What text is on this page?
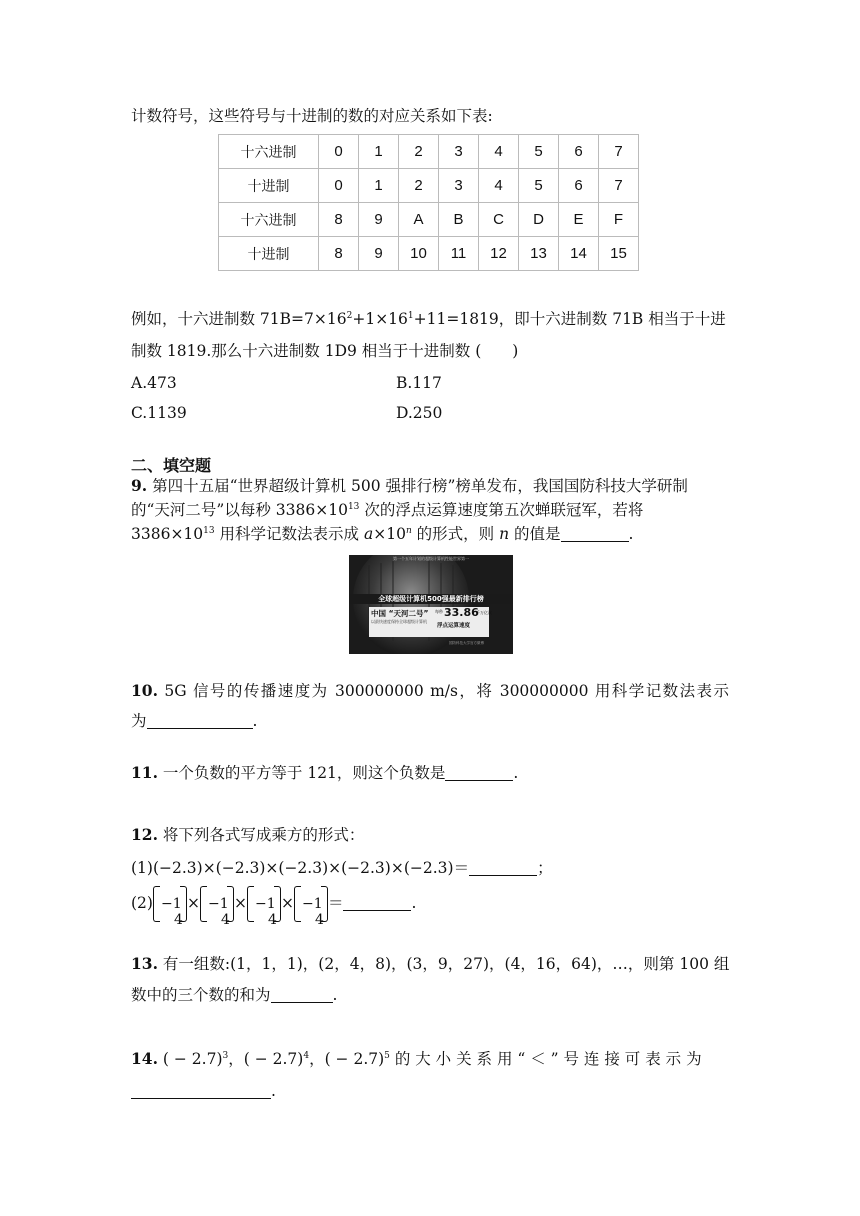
计数符号，这些符号与十进制的数的对应关系如下表:
十六进制	0	1	2	3	4	5	6	7
十进制	0	1	2	3	4	5	6	7
十六进制	8	9	A	B	C	D	E	F
十进制	8	9	10	11	12	13	14	15
例如，十六进制数 $71B=7\times 16^2+1\times 16^1+11=1819$，即十六进制数 71B 相当于十进
制数 1819.那么十六进制数 1D9 相当于十进制数 (　　)
A.473	B.117
C.1139	D.250
二、填空题
9. 第四十五届“世界超级计算机 500 强排行榜”榜单发布，我国国防科技大学研制
的“天河二号”以每秒 $3386\times 10^{13}$ 次的浮点运算速度第五次蝉联冠军，若将
$3386\times 10^{13}$ 用科学记数法表示成 $a\times 10^n$ 的形式，则 n 的值是	.
第一个五年计划的超级计算机性能世界第一
全球超级计算机500强最新排行榜
中国 “天河二号”
以最快速度保持全球超级计算机
每秒 33.86
千万亿次
浮点运算速度
国防科技大学官方微博
10. 5G 信号的传播速度为 300000000 m/s，将 300000000 用科学记数法表示
为	.
11. 一个负数的平方等于 121，则这个负数是	.
12. 将下列各式写成乘方的形式：
(1)(−2.3)×(−2.3)×(−2.3)×(−2.3)×(−2.3)＝	；
(2) −1
4
× −1
4
× −1
4
× −1
4
＝	.
13. 有一组数:(1，1，1)，(2，4，8)，(3，9，27)，(4，16，64)，…，则第 100 组
数中的三个数的和为	.
14. ( − 2.7)$^3$，( − 2.7)$^4$，( − 2.7)$^5$ 的 大 小 关 系 用 “ ＜ ” 号 连 接 可 表 示 为
.
